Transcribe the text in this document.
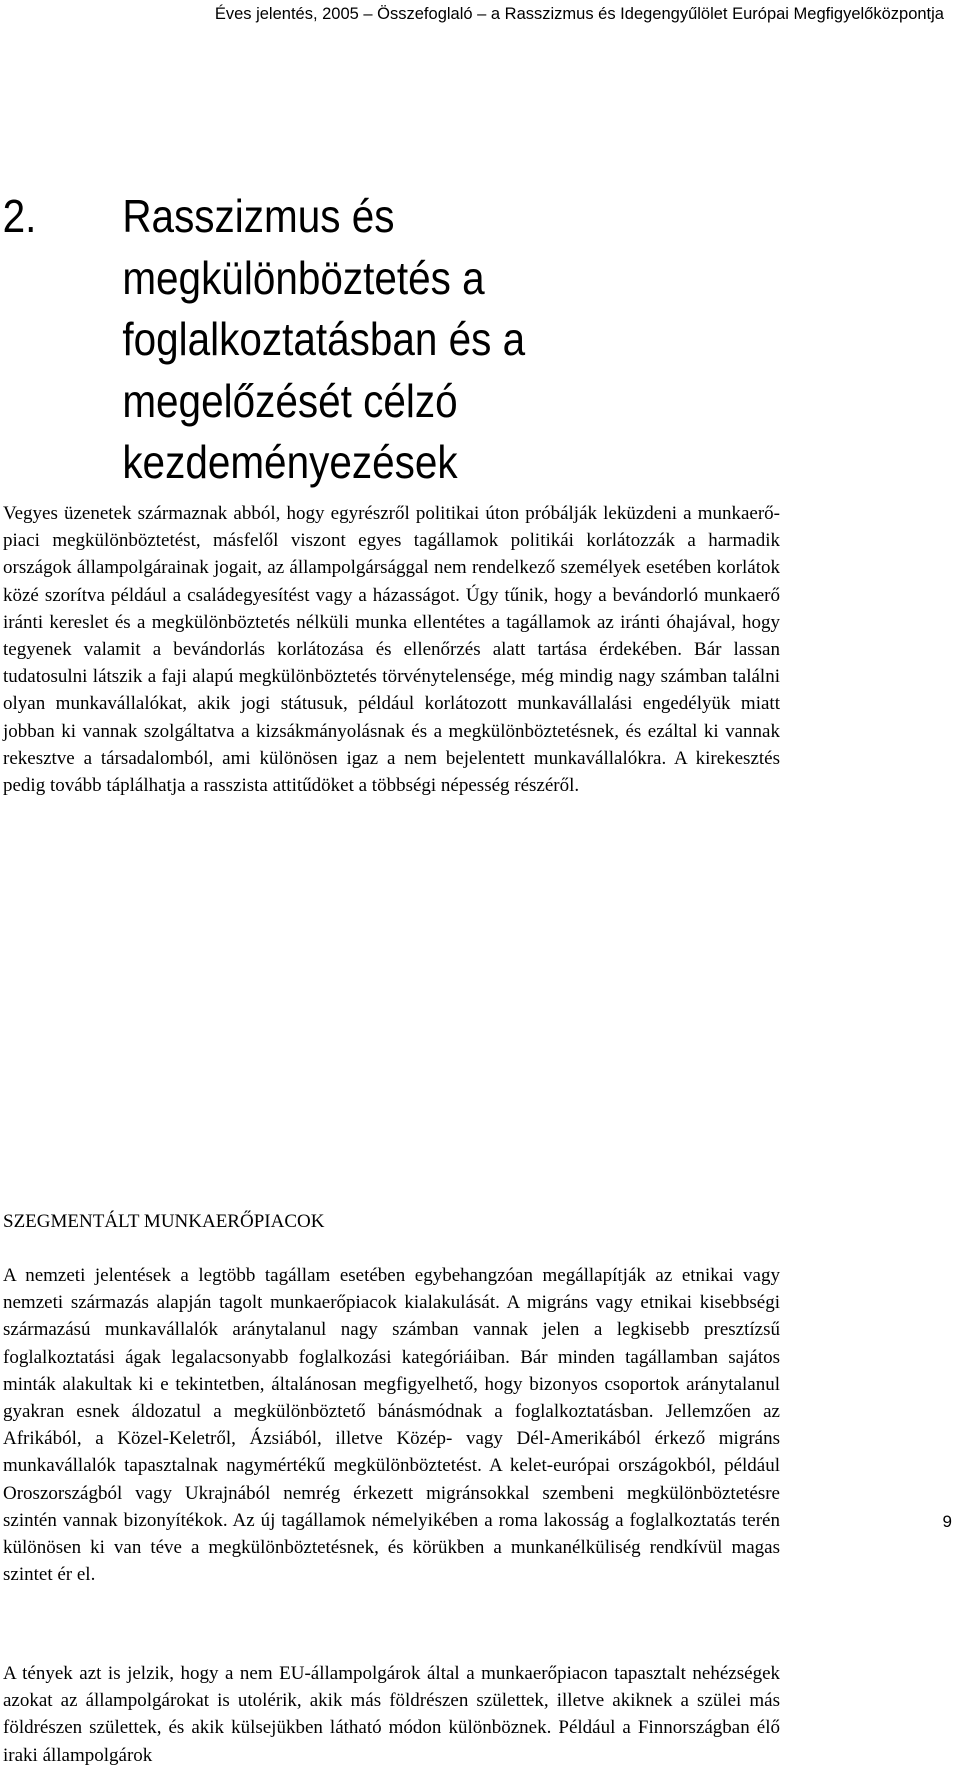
Éves jelentés, 2005 – Összefoglaló – a Rasszizmus és Idegengyűlölet Európai Megfigyelőközpontja
2. Rasszizmus és megkülönböztetés a foglalkoztatásban és a megelőzését célzó kezdeményezések

Vegyes üzenetek származnak abból, hogy egyrészről politikai úton próbálják leküzdeni a munkaerő-piaci megkülönböztetést, másfelől viszont egyes tagállamok politikái korlátozzák a harmadik országok állampolgárainak jogait, az állampolgársággal nem rendelkező személyek esetében korlátok közé szorítva például a családegyesítést vagy a házasságot. Úgy tűnik, hogy a bevándorló munkaerő iránti kereslet és a megkülönböztetés nélküli munka ellentétes a tagállamok az iránti óhajával, hogy tegyenek valamit a bevándorlás korlátozása és ellenőrzés alatt tartása érdekében. Bár lassan tudatosulni látszik a faji alapú megkülönböztetés törvénytelensége, még mindig nagy számban találni olyan munkavállalókat, akik jogi státusuk, például korlátozott munkavállalási engedélyük miatt jobban ki vannak szolgáltatva a kizsákmányolásnak és a megkülönböztetésnek, és ezáltal ki vannak rekesztve a társadalomból, ami különösen igaz a nem bejelentett munkavállalókra. A kirekesztés pedig tovább táplálhatja a rasszista attitűdöket a többségi népesség részéről.

SZEGMENTÁLT MUNKAERŐPIACOK

A nemzeti jelentések a legtöbb tagállam esetében egybehangzóan megállapítják az etnikai vagy nemzeti származás alapján tagolt munkaerőpiacok kialakulását. A migráns vagy etnikai kisebbségi származású munkavállalók aránytalanul nagy számban vannak jelen a legkisebb presztízsű foglalkoztatási ágak legalacsonyabb foglalkozási kategóriáiban. Bár minden tagállamban sajátos minták alakultak ki e tekintetben, általánosan megfigyelhető, hogy bizonyos csoportok aránytalanul gyakran esnek áldozatul a megkülönböztető bánásmódnak a foglalkoztatásban. Jellemzően az Afrikából, a Közel-Keletről, Ázsiából, illetve Közép- vagy Dél-Amerikából érkező migráns munkavállalók tapasztalnak nagymértékű megkülönböztetést. A kelet-európai országokból, például Oroszországból vagy Ukrajnából nemrég érkezett migránsokkal szembeni megkülönböztetésre szintén vannak bizonyítékok. Az új tagállamok némelyikében a roma lakosság a foglalkoztatás terén különösen ki van téve a megkülönböztetésnek, és körükben a munkanélküliség rendkívül magas szintet ér el.

A tények azt is jelzik, hogy a nem EU-állampolgárok által a munkaerőpiacon tapasztalt nehézségek azokat az állampolgárokat is utolérik, akik más földrészen születtek, illetve akiknek a szülei más földrészen születtek, és akik külsejükben látható módon különböznek. Például a Finnországban élő iraki állampolgárok

9
